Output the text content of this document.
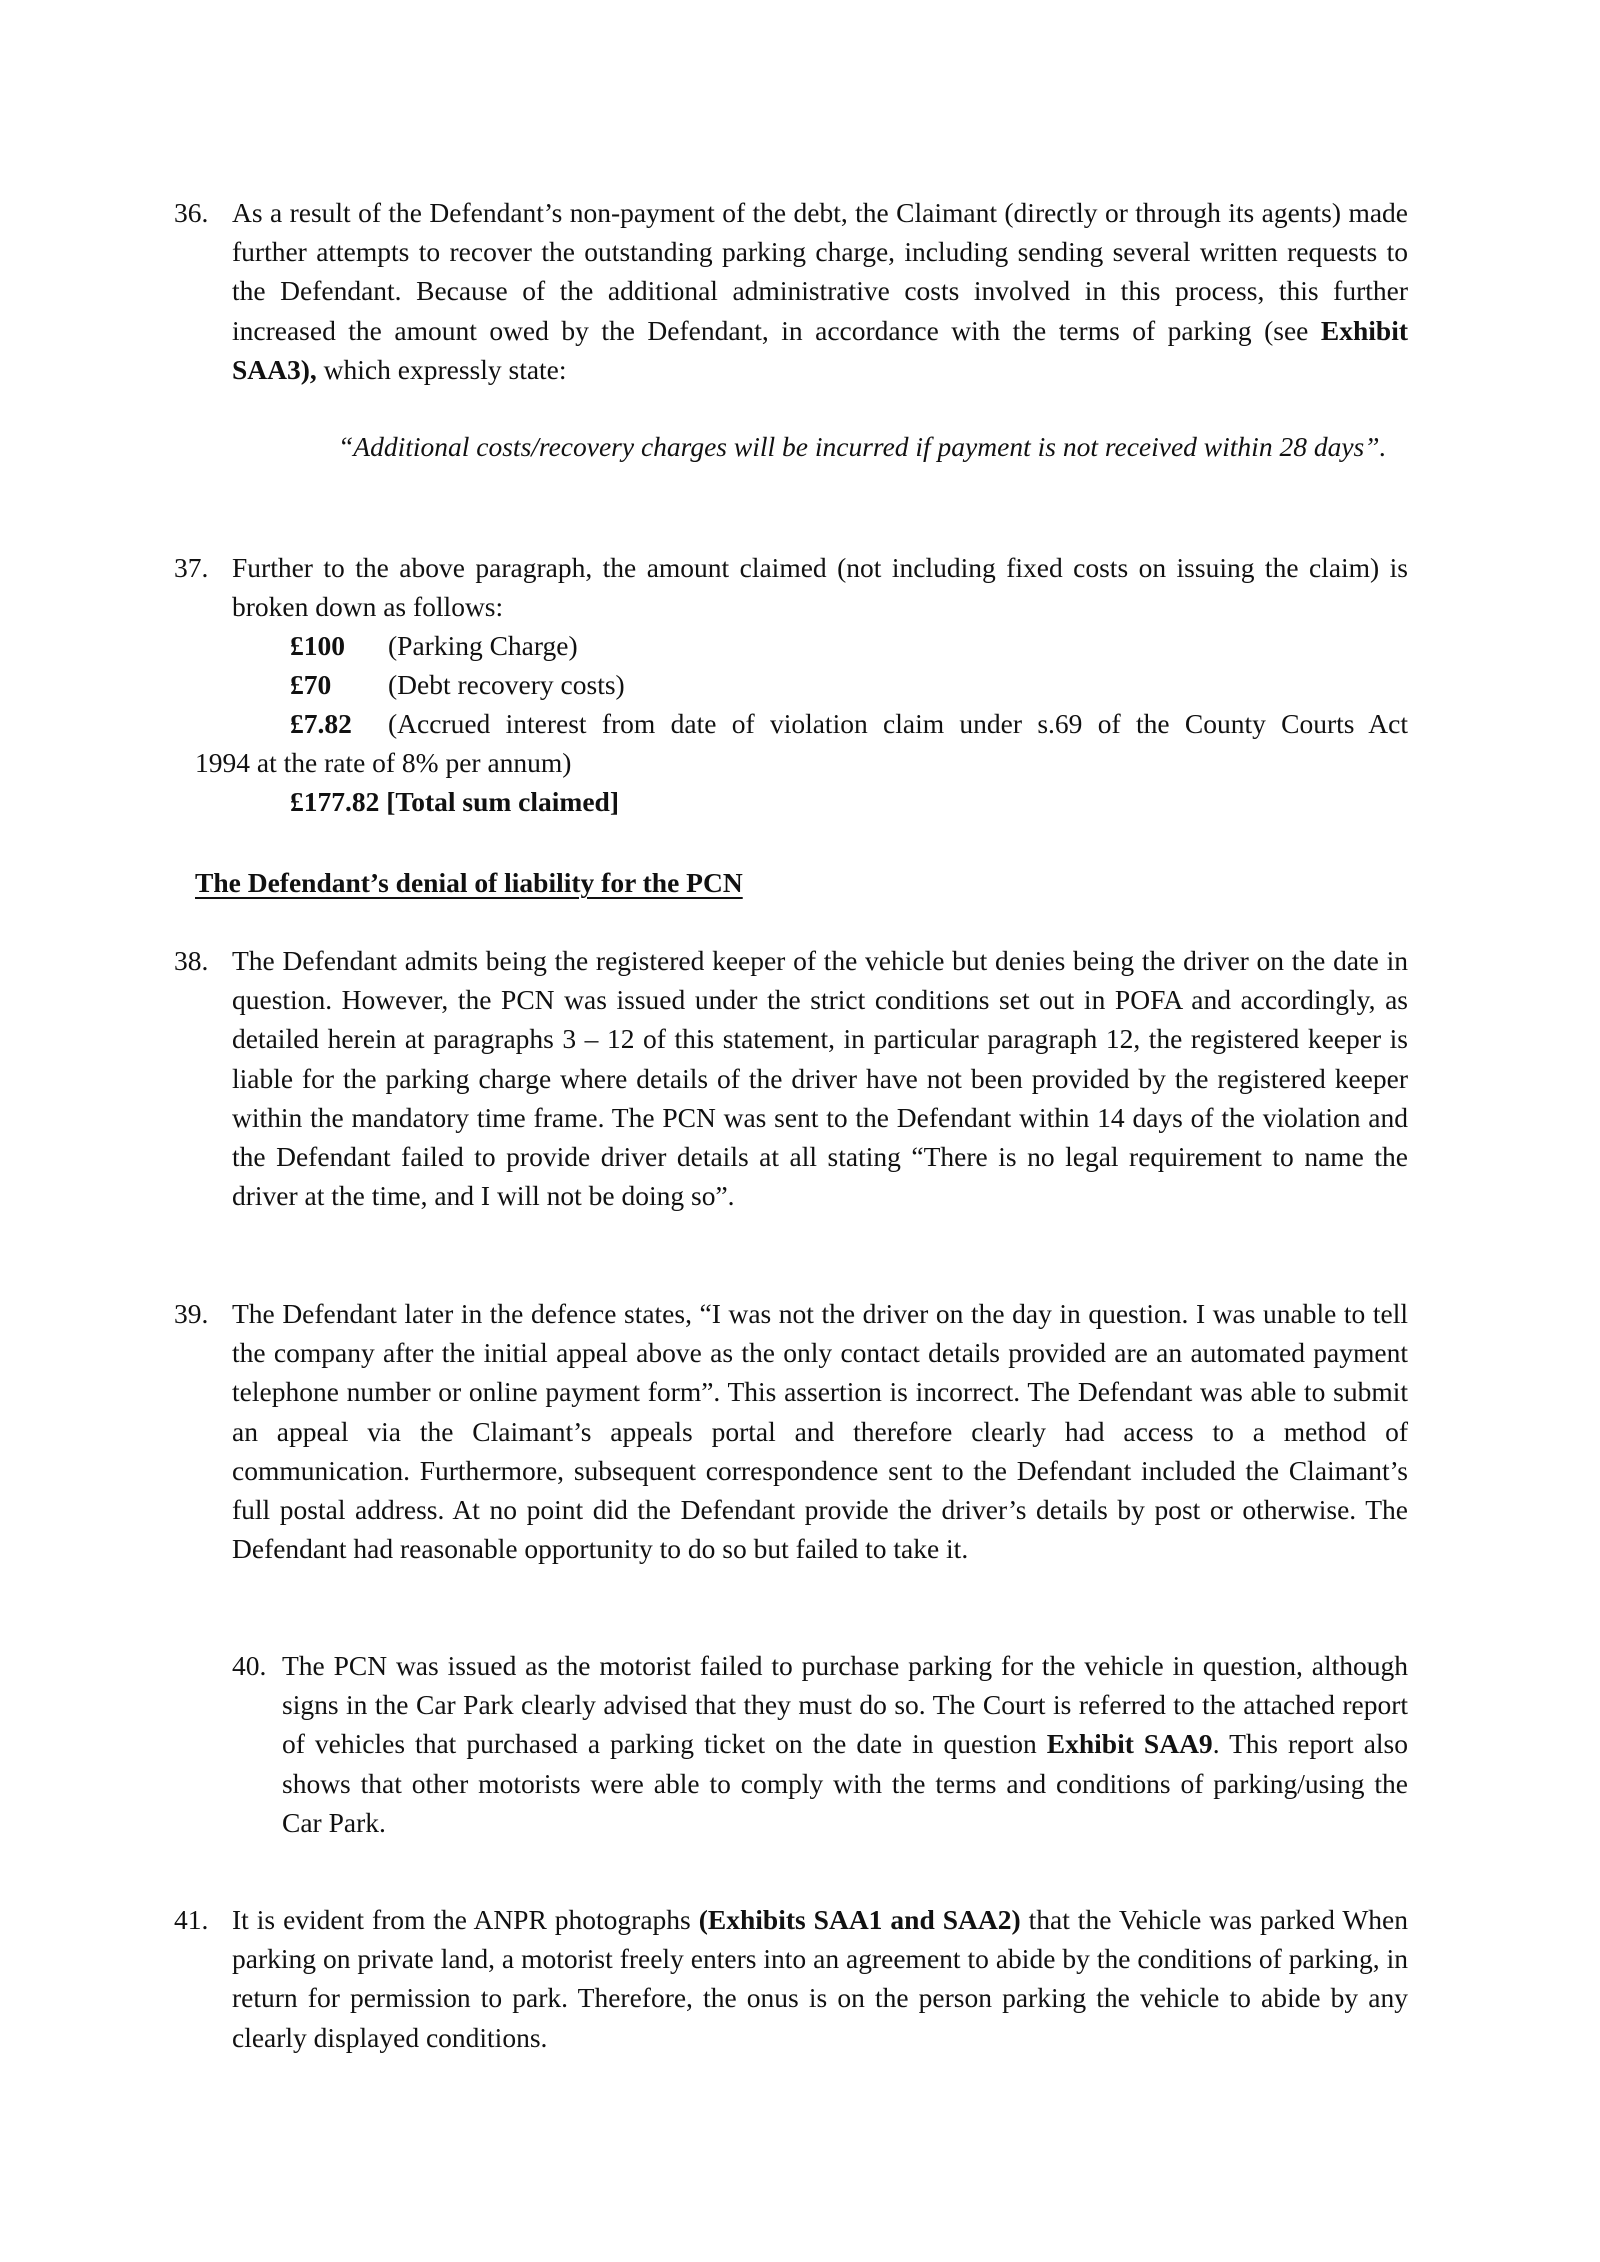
36. As a result of the Defendant’s non-payment of the debt, the Claimant (directly or through its agents) made further attempts to recover the outstanding parking charge, including sending several written requests to the Defendant. Because of the additional administrative costs involved in this process, this further increased the amount owed by the Defendant, in accordance with the terms of parking (see Exhibit SAA3), which expressly state:
“Additional costs/recovery charges will be incurred if payment is not received within 28 days”.
37. Further to the above paragraph, the amount claimed (not including fixed costs on issuing the claim) is broken down as follows:
£100 (Parking Charge)
£70 (Debt recovery costs)
£7.82 (Accrued interest from date of violation claim under s.69 of the County Courts Act
1994 at the rate of 8% per annum)
£177.82 [Total sum claimed]
The Defendant’s denial of liability for the PCN
38. The Defendant admits being the registered keeper of the vehicle but denies being the driver on the date in question. However, the PCN was issued under the strict conditions set out in POFA and accordingly, as detailed herein at paragraphs 3 – 12 of this statement, in particular paragraph 12, the registered keeper is liable for the parking charge where details of the driver have not been provided by the registered keeper within the mandatory time frame. The PCN was sent to the Defendant within 14 days of the violation and the Defendant failed to provide driver details at all stating “There is no legal requirement to name the driver at the time, and I will not be doing so”.
39. The Defendant later in the defence states, “I was not the driver on the day in question. I was unable to tell the company after the initial appeal above as the only contact details provided are an automated payment telephone number or online payment form”. This assertion is incorrect. The Defendant was able to submit an appeal via the Claimant’s appeals portal and therefore clearly had access to a method of communication. Furthermore, subsequent correspondence sent to the Defendant included the Claimant’s full postal address. At no point did the Defendant provide the driver’s details by post or otherwise. The Defendant had reasonable opportunity to do so but failed to take it.
40. The PCN was issued as the motorist failed to purchase parking for the vehicle in question, although signs in the Car Park clearly advised that they must do so. The Court is referred to the attached report of vehicles that purchased a parking ticket on the date in question Exhibit SAA9. This report also shows that other motorists were able to comply with the terms and conditions of parking/using the Car Park.
41. It is evident from the ANPR photographs (Exhibits SAA1 and SAA2) that the Vehicle was parked When parking on private land, a motorist freely enters into an agreement to abide by the conditions of parking, in return for permission to park. Therefore, the onus is on the person parking the vehicle to abide by any clearly displayed conditions.
